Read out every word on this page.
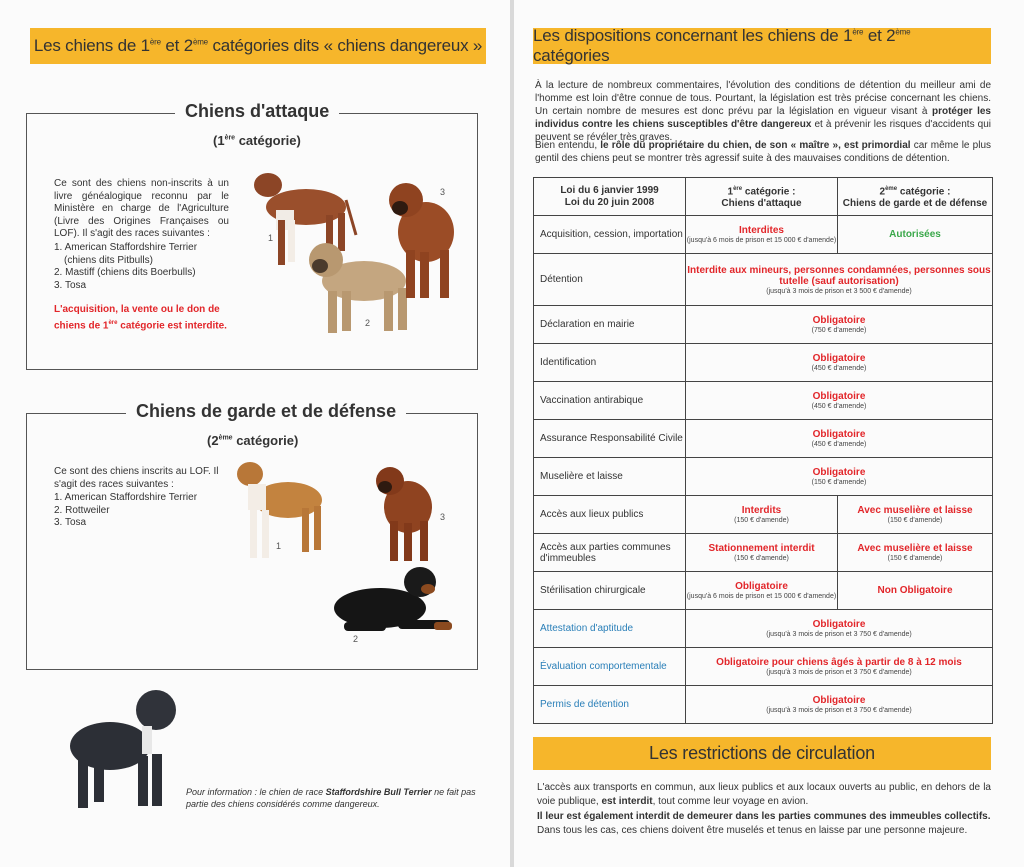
Les chiens de 1ère et 2ème catégories dits « chiens dangereux »
Chiens d'attaque
(1ère catégorie)
Ce sont des chiens non-inscrits à un livre généalogique reconnu par le Ministère en charge de l'Agriculture (Livre des Origines Françaises ou LOF). Il s'agit des races suivantes :
1. American Staffordshire Terrier
(chiens dits Pitbulls)
2. Mastiff (chiens dits Boerbulls)
3. Tosa
L'acquisition, la vente ou le don de chiens de 1ère catégorie est interdite.
1
2
3
Chiens de garde et de défense
(2ème catégorie)
Ce sont des chiens inscrits au LOF. Il s'agit des races suivantes :
1. American Staffordshire Terrier
2. Rottweiler
3. Tosa
1
3
2
Pour information : le chien de race Staffordshire Bull Terrier ne fait pas partie des chiens considérés comme dangereux.
Les dispositions concernant les chiens de 1ère et 2ème catégories
À la lecture de nombreux commentaires, l'évolution des conditions de détention du meilleur ami de l'homme est loin d'être connue de tous. Pourtant, la législation est très précise concernant les chiens. Un certain nombre de mesures est donc prévu par la législation en vigueur visant à protéger les individus contre les chiens susceptibles d'être dangereux et à prévenir les risques d'accidents qui peuvent se révéler très graves.
Bien entendu, le rôle du propriétaire du chien, de son « maître », est primordial car même le plus gentil des chiens peut se montrer très agressif suite à des mauvaises conditions de détention.
Loi du 6 janvier 1999
Loi du 20 juin 2008	1ère catégorie :
Chiens d'attaque	2ème catégorie :
Chiens de garde et de défense
Acquisition, cession, importation	Interdites
(jusqu'à 6 mois de prison et 15 000 € d'amende)	Autorisées

Détention	Interdite aux mineurs, personnes condamnées, personnes sous tutelle (sauf autorisation)
(jusqu'à 3 mois de prison et 3 500 € d'amende)	

Déclaration en mairie	Obligatoire
(750 € d'amende)	

Identification	Obligatoire
(450 € d'amende)	

Vaccination antirabique	Obligatoire
(450 € d'amende)	

Assurance Responsabilité Civile	Obligatoire
(450 € d'amende)	

Muselière et laisse	Obligatoire
(150 € d'amende)	

Accès aux lieux publics	Interdits
(150 € d'amende)	Avec muselière et laisse
(150 € d'amende)

Accès aux parties communes d'immeubles	Stationnement interdit
(150 € d'amende)	Avec muselière et laisse
(150 € d'amende)

Stérilisation chirurgicale	Obligatoire
(jusqu'à 6 mois de prison et 15 000 € d'amende)	Non Obligatoire

Attestation d'aptitude	Obligatoire
(jusqu'à 3 mois de prison et 3 750 € d'amende)	

Évaluation comportementale	Obligatoire pour chiens âgés à partir de 8 à 12 mois
(jusqu'à 3 mois de prison et 3 750 € d'amende)	

Permis de détention	Obligatoire
(jusqu'à 3 mois de prison et 3 750 € d'amende)	
Les restrictions de circulation
L'accès aux transports en commun, aux lieux publics et aux locaux ouverts au public, en dehors de la voie publique, est interdit, tout comme leur voyage en avion.
Il leur est également interdit de demeurer dans les parties communes des immeubles collectifs.
Dans tous les cas, ces chiens doivent être muselés et tenus en laisse par une personne majeure.
